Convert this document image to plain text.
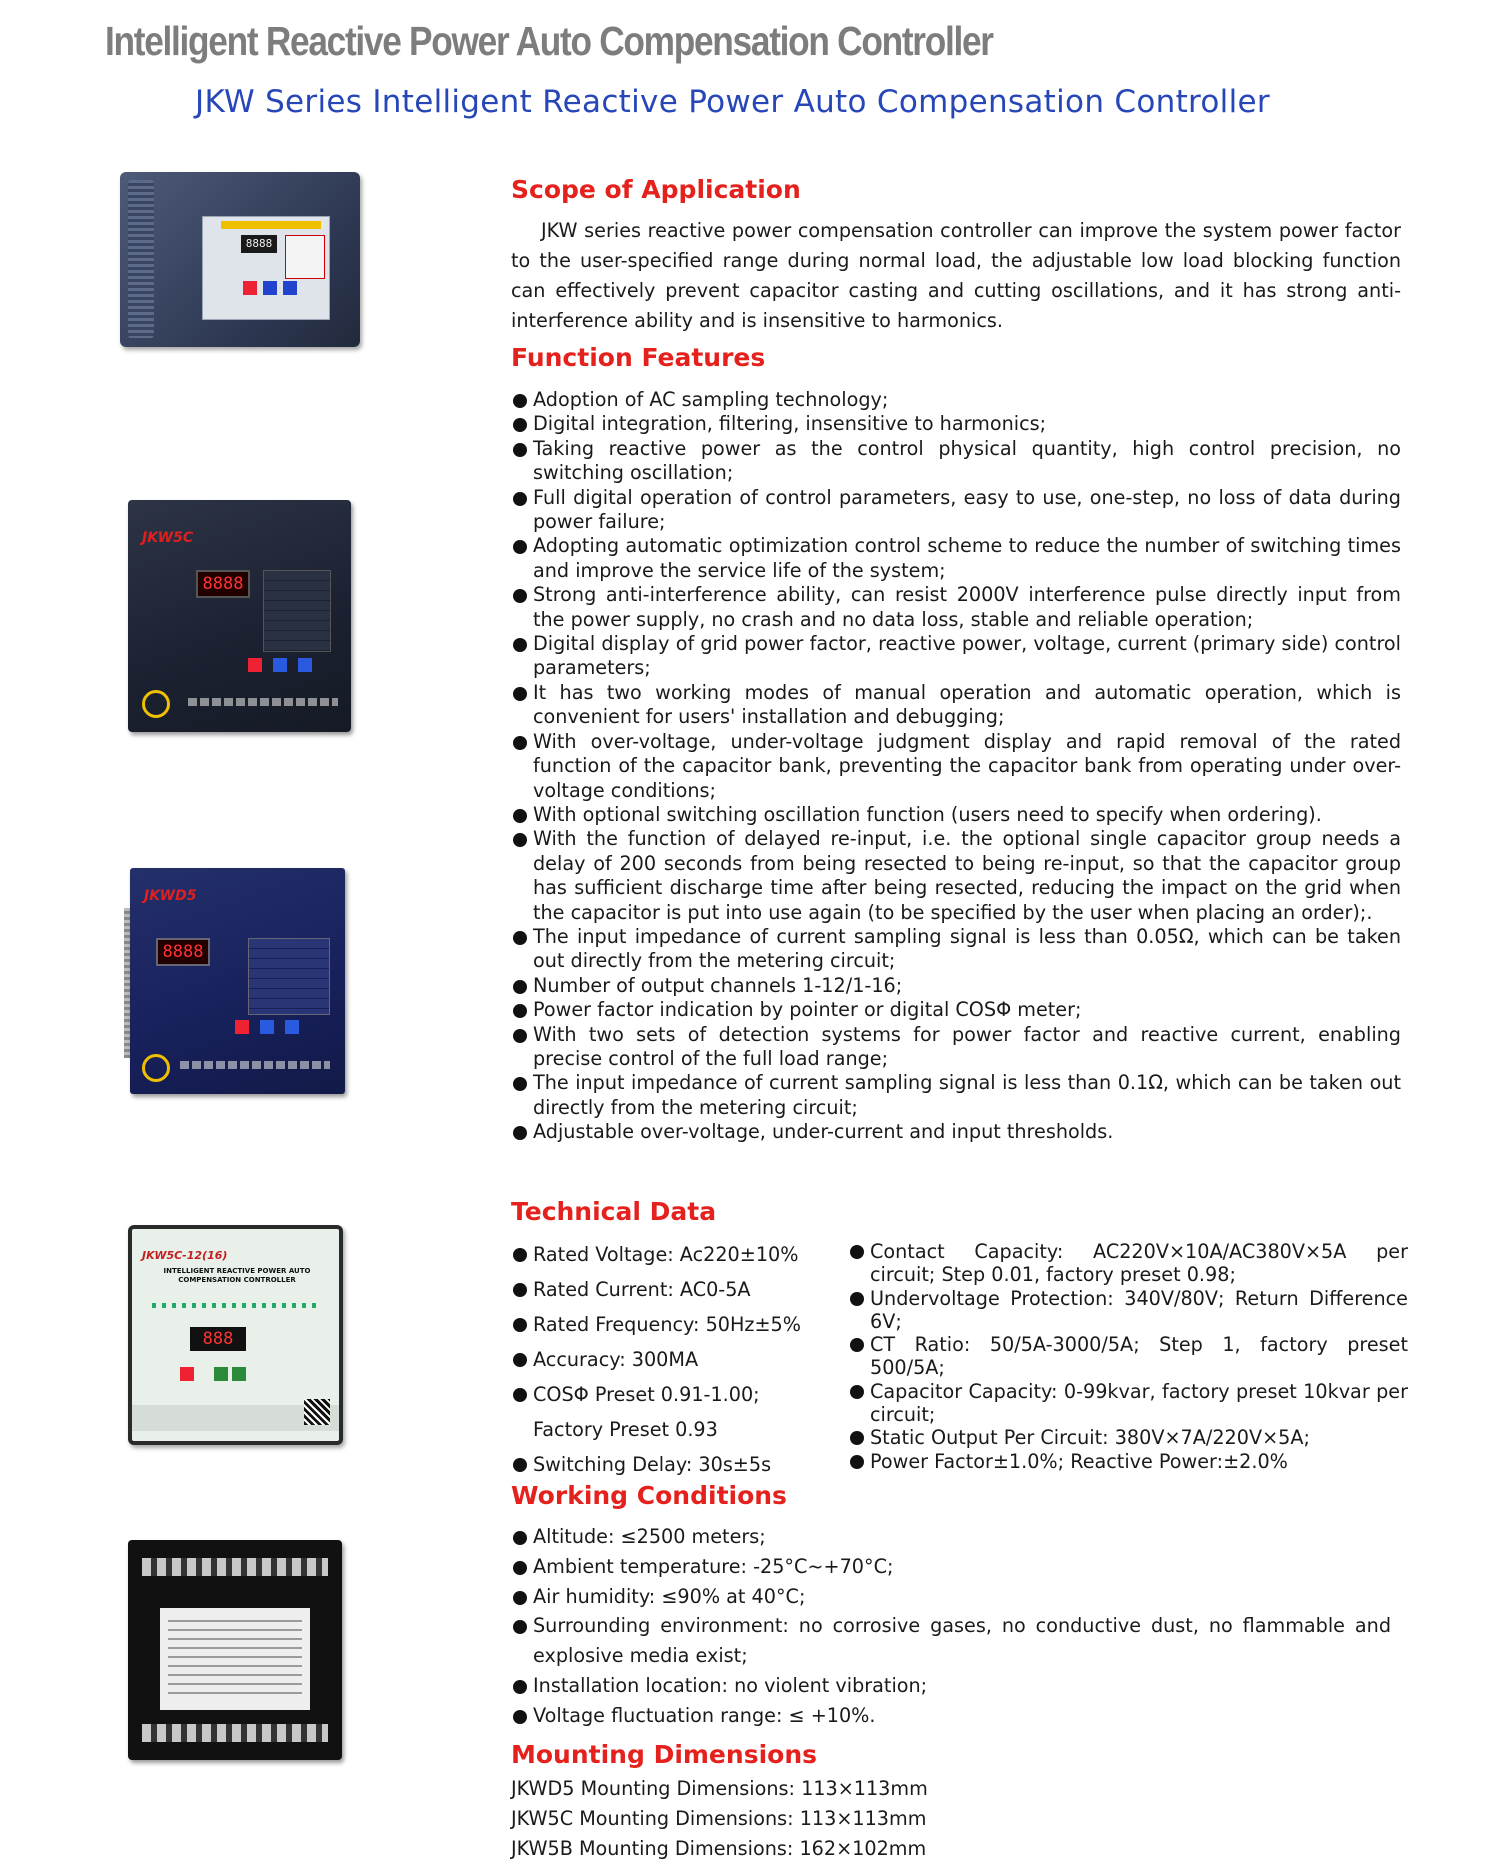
Intelligent Reactive Power Auto Compensation Controller
JKW Series Intelligent Reactive Power Auto Compensation Controller
8888
JKW5C
8888
JKWD5
8888
JKW5C-12(16)
INTELLIGENT REACTIVE POWER AUTO COMPENSATION CONTROLLER
888
Scope of Application

JKW series reactive power compensation controller can improve the system power factor to the user-specified range during normal load, the adjustable low load blocking function can effectively prevent capacitor casting and cutting oscillations, and it has strong anti-interference ability and is insensitive to harmonics.

Function Features
Adoption of AC sampling technology;
Digital integration, filtering, insensitive to harmonics;
Taking reactive power as the control physical quantity, high control precision, no switching oscillation;
Full digital operation of control parameters, easy to use, one-step, no loss of data during power failure;
Adopting automatic optimization control scheme to reduce the number of switching times and improve the service life of the system;
Strong anti-interference ability, can resist 2000V interference pulse directly input from the power supply, no crash and no data loss, stable and reliable operation;
Digital display of grid power factor, reactive power, voltage, current (primary side) control parameters;
It has two working modes of manual operation and automatic operation, which is convenient for users' installation and debugging;
With over-voltage, under-voltage judgment display and rapid removal of the rated function of the capacitor bank, preventing the capacitor bank from operating under over-voltage conditions;
With optional switching oscillation function (users need to specify when ordering).
With the function of delayed re-input, i.e. the optional single capacitor group needs a delay of 200 seconds from being resected to being re-input, so that the capacitor group has sufficient discharge time after being resected, reducing the impact on the grid when the capacitor is put into use again (to be specified by the user when placing an order);.
The input impedance of current sampling signal is less than 0.05Ω, which can be taken out directly from the metering circuit;
Number of output channels 1-12/1-16;
Power factor indication by pointer or digital COSΦ meter;
With two sets of detection systems for power factor and reactive current, enabling precise control of the full load range;
The input impedance of current sampling signal is less than 0.1Ω, which can be taken out directly from the metering circuit;
Adjustable over-voltage, under-current and input thresholds.
Technical Data
Rated Voltage: Ac220±10%
Rated Current: AC0-5A
Rated Frequency: 50Hz±5%
Accuracy: 300MA
COSΦ Preset 0.91-1.00;
Factory Preset 0.93
Switching Delay: 30s±5s
Contact Capacity: AC220V×10A/AC380V×5A per circuit; Step 0.01, factory preset 0.98;
Undervoltage Protection: 340V/80V; Return Difference 6V;
CT Ratio: 50/5A-3000/5A; Step 1, factory preset 500/5A;
Capacitor Capacity: 0-99kvar, factory preset 10kvar per circuit;
Static Output Per Circuit: 380V×7A/220V×5A;
Power Factor±1.0%; Reactive Power:±2.0%
Working Conditions
Altitude: ≤2500 meters;
Ambient temperature: -25°C~+70°C;
Air humidity: ≤90% at 40°C;
Surrounding environment: no corrosive gases, no conductive dust, no flammable and explosive media exist;
Installation location: no violent vibration;
Voltage fluctuation range: ≤ +10%.
Mounting Dimensions

JKWD5 Mounting Dimensions: 113×113mm

JKW5C Mounting Dimensions: 113×113mm

JKW5B Mounting Dimensions: 162×102mm
